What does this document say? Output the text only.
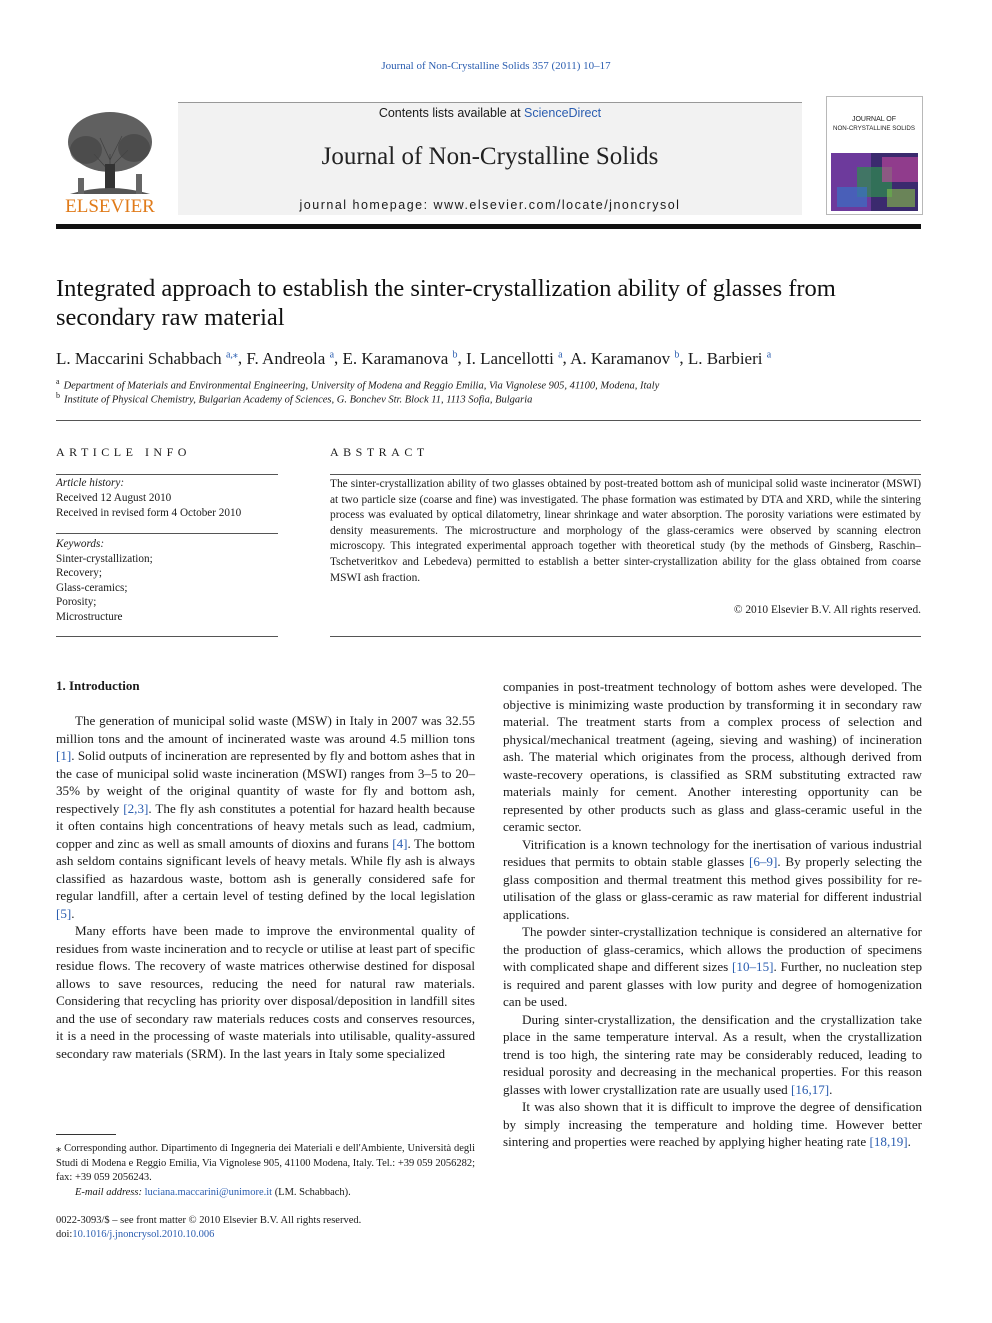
Journal of Non-Crystalline Solids 357 (2011) 10–17
ELSEVIER
Contents lists available at ScienceDirect
Journal of Non-Crystalline Solids
journal homepage: www.elsevier.com/locate/jnoncrysol
JOURNAL OF
NON-CRYSTALLINE SOLIDS
Integrated approach to establish the sinter-crystallization ability of glasses from secondary raw material
L. Maccarini Schabbach $^{a,⁎}$, F. Andreola $^a$, E. Karamanova $^b$, I. Lancellotti $^a$, A. Karamanov $^b$, L. Barbieri $^a$
$^a$ Department of Materials and Environmental Engineering, University of Modena and Reggio Emilia, Via Vignolese 905, 41100, Modena, Italy
$^b$ Institute of Physical Chemistry, Bulgarian Academy of Sciences, G. Bonchev Str. Block 11, 1113 Sofia, Bulgaria
ARTICLE INFO	ABSTRACT
Article history:
Received 12 August 2010
Received in revised form 4 October 2010
Keywords:
Sinter-crystallization;
Recovery;
Glass-ceramics;
Porosity;
Microstructure
The sinter-crystallization ability of two glasses obtained by post-treated bottom ash of municipal solid waste incinerator (MSWI) at two particle size (coarse and fine) was investigated. The phase formation was estimated by DTA and XRD, while the sintering process was evaluated by optical dilatometry, linear shrinkage and water absorption. The porosity variations were estimated by density measurements. The microstructure and morphology of the glass-ceramics were observed by scanning electron microscopy. This integrated experimental approach together with theoretical study (by the methods of Ginsberg, Raschin–Tschetveritkov and Lebedeva) permitted to establish a better sinter-crystallization ability for the glass obtained from coarse MSWI ash fraction.
© 2010 Elsevier B.V. All rights reserved.
1. Introduction

The generation of municipal solid waste (MSW) in Italy in 2007 was 32.55 million tons and the amount of incinerated waste was around 4.5 million tons [1]. Solid outputs of incineration are represented by fly and bottom ashes that in the case of municipal solid waste incineration (MSWI) ranges from 3–5 to 20–35% by weight of the original quantity of waste for fly and bottom ash, respectively [2,3]. The fly ash constitutes a potential for hazard health because it often contains high concentrations of heavy metals such as lead, cadmium, copper and zinc as well as small amounts of dioxins and furans [4]. The bottom ash seldom contains significant levels of heavy metals. While fly ash is always classified as hazardous waste, bottom ash is generally considered safe for regular landfill, after a certain level of testing defined by the local legislation [5].

Many efforts have been made to improve the environmental quality of residues from waste incineration and to recycle or utilise at least part of specific residue flows. The recovery of waste matrices otherwise destined for disposal allows to save resources, reducing the need for natural raw materials. Considering that recycling has priority over disposal/deposition in landfill sites and the use of secondary raw materials reduces costs and conserves resources, it is a need in the processing of waste materials into utilisable, quality-assured secondary raw materials (SRM). In the last years in Italy some specialized

companies in post-treatment technology of bottom ashes were developed. The objective is minimizing waste production by transforming it in secondary raw material. The treatment starts from a complex process of selection and physical/mechanical treatment (ageing, sieving and washing) of incineration ash. The material which originates from the process, although derived from waste-recovery operations, is classified as SRM substituting extracted raw materials mainly for cement. Another interesting opportunity can be represented by other products such as glass and glass-ceramic useful in the ceramic sector.

Vitrification is a known technology for the inertisation of various industrial residues that permits to obtain stable glasses [6–9]. By properly selecting the glass composition and thermal treatment this method gives possibility for re-utilisation of the glass or glass-ceramic as raw material for different industrial applications.

The powder sinter-crystallization technique is considered an alternative for the production of glass-ceramics, which allows the production of specimens with complicated shape and different sizes [10–15]. Further, no nucleation step is required and parent glasses with low purity and degree of homogenization can be used.

During sinter-crystallization, the densification and the crystallization take place in the same temperature interval. As a result, when the crystallization trend is too high, the sintering rate may be considerably reduced, leading to residual porosity and decreasing in the mechanical properties. For this reason glasses with lower crystallization rate are usually used [16,17].

It was also shown that it is difficult to improve the degree of densification by simply increasing the temperature and holding time. However better sintering and properties were reached by applying higher heating rate [18,19].

⁎ Corresponding author. Dipartimento di Ingegneria dei Materiali e dell'Ambiente, Università degli Studi di Modena e Reggio Emilia, Via Vignolese 905, 41100 Modena, Italy. Tel.: +39 059 2056282; fax: +39 059 2056243.
E-mail address: luciana.maccarini@unimore.it (LM. Schabbach).
0022-3093/$ – see front matter © 2010 Elsevier B.V. All rights reserved.
doi:10.1016/j.jnoncrysol.2010.10.006
